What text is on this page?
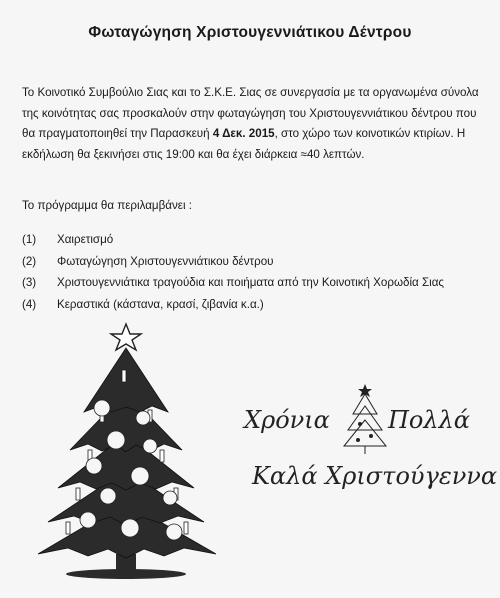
Φωταγώγηση Χριστουγεννιάτικου Δέντρου

Το Κοινοτικό Συμβούλιο Σιας και το Σ.Κ.Ε. Σιας σε συνεργασία με τα οργανωμένα σύνολα της κοινότητας σας προσκαλούν στην φωταγώγηση του Χριστουγεννιάτικου δέντρου που θα πραγματοποιηθεί την Παρασκευή 4 Δεκ. 2015, στο χώρο των κοινοτικών κτιρίων. Η εκδήλωση θα ξεκινήσει στις 19:00 και θα έχει διάρκεια ≈40 λεπτών.

Το πρόγραμμα θα περιλαμβάνει :
(1)	Χαιρετισμό
(2)	Φωταγώγηση Χριστουγεννιάτικου δέντρου
(3)	Χριστουγεννιάτικα τραγούδια και ποιήματα από την Κοινοτική Χορωδία Σιας
(4)	Κεραστικά (κάστανα, κρασί, ζιβανία κ.α.)
Χρόνια Πολλά
Καλά Χριστούγεννα
